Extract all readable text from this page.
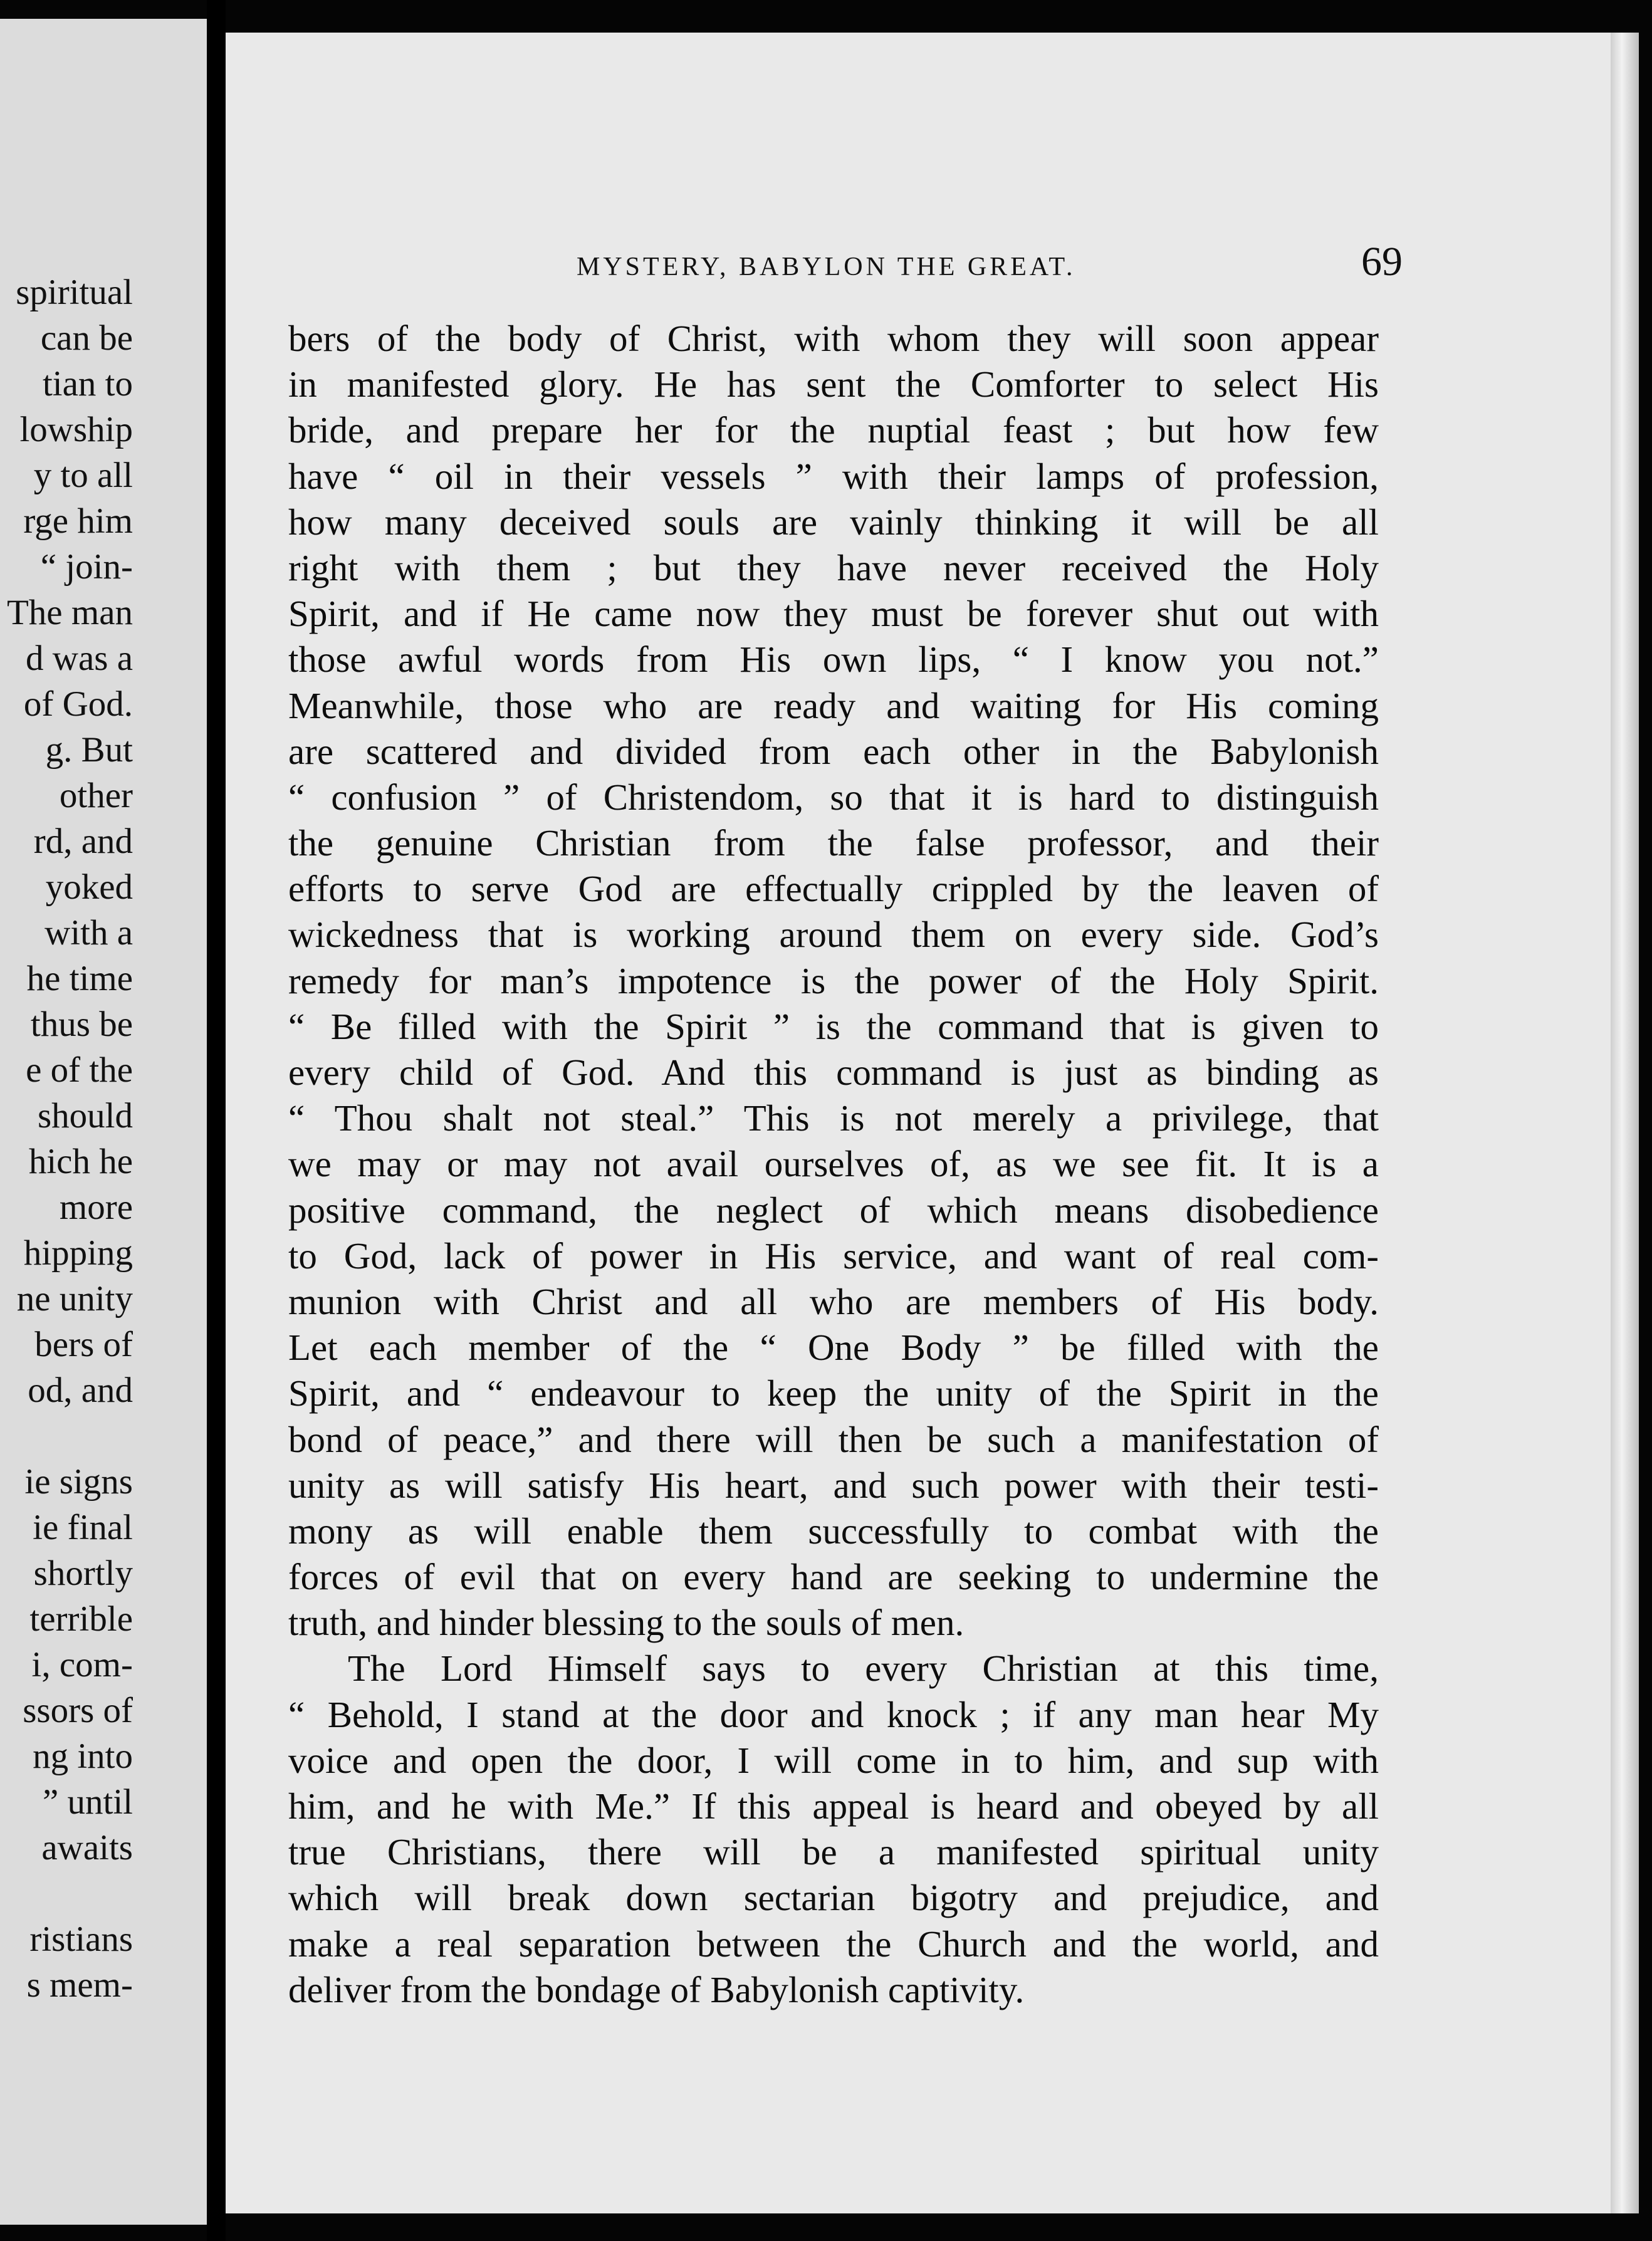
spiritual
can be
tian to
lowship
y to all
rge him
“ join-
The man
d was a
of God.
g. But
other
rd, and
yoked
with a
he time
thus be
e of the
should
hich he
more
hipping
ne unity
bers of
od, and
ie signs
ie final
shortly
terrible
i, com-
ssors of
ng into
” until
awaits
ristians
s mem-
MYSTERY, BABYLON THE GREAT.	69
bers of the body of Christ, with whom they will soon appear
in manifested glory. He has sent the Comforter to select His
bride, and prepare her for the nuptial feast ; but how few
have “ oil in their vessels ” with their lamps of profession,
how many deceived souls are vainly thinking it will be all
right with them ; but they have never received the Holy
Spirit, and if He came now they must be forever shut out with
those awful words from His own lips, “ I know you not.”
Meanwhile, those who are ready and waiting for His coming
are scattered and divided from each other in the Babylonish
“ confusion ” of Christendom, so that it is hard to distinguish
the genuine Christian from the false professor, and their
efforts to serve God are effectually crippled by the leaven of
wickedness that is working around them on every side. God’s
remedy for man’s impotence is the power of the Holy Spirit.
“ Be filled with the Spirit ” is the command that is given to
every child of God. And this command is just as binding as
“ Thou shalt not steal.” This is not merely a privilege, that
we may or may not avail ourselves of, as we see fit. It is a
positive command, the neglect of which means disobedience
to God, lack of power in His service, and want of real com-
munion with Christ and all who are members of His body.
Let each member of the “ One Body ” be filled with the
Spirit, and “ endeavour to keep the unity of the Spirit in the
bond of peace,” and there will then be such a manifestation of
unity as will satisfy His heart, and such power with their testi-
mony as will enable them successfully to combat with the
forces of evil that on every hand are seeking to undermine the
truth, and hinder blessing to the souls of men.
The Lord Himself says to every Christian at this time,
“ Behold, I stand at the door and knock ; if any man hear My
voice and open the door, I will come in to him, and sup with
him, and he with Me.” If this appeal is heard and obeyed by all
true Christians, there will be a manifested spiritual unity
which will break down sectarian bigotry and prejudice, and
make a real separation between the Church and the world, and
deliver from the bondage of Babylonish captivity.
